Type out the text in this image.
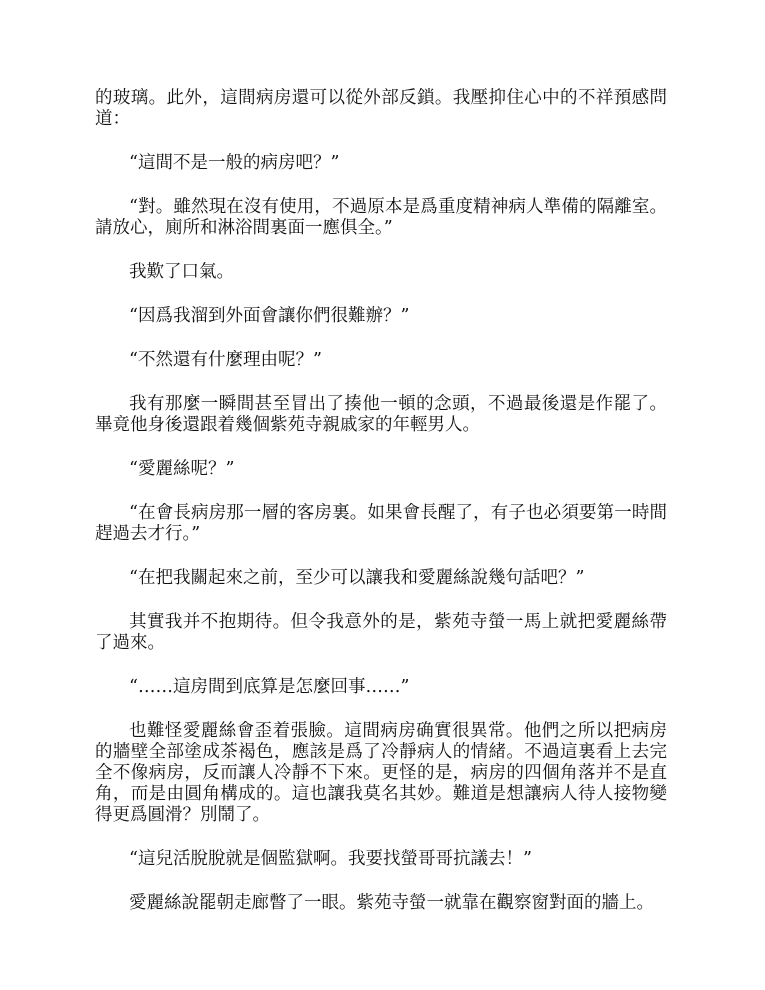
的玻璃。此外，這間病房還可以從外部反鎖。我壓抑住心中的不祥預感問道：

“這間不是一般的病房吧？”

“對。雖然現在沒有使用，不過原本是爲重度精神病人準備的隔離室。請放心，廁所和淋浴間裏面一應俱全。”

我歎了口氣。

“因爲我溜到外面會讓你們很難辦？”

“不然還有什麼理由呢？”

我有那麼一瞬間甚至冒出了揍他一頓的念頭，不過最後還是作罷了。畢竟他身後還跟着幾個紫苑寺親戚家的年輕男人。

“愛麗絲呢？”

“在會長病房那一層的客房裏。如果會長醒了，有子也必須要第一時間趕過去才行。”

“在把我關起來之前，至少可以讓我和愛麗絲說幾句話吧？”

其實我并不抱期待。但令我意外的是，紫苑寺螢一馬上就把愛麗絲帶了過來。

“……這房間到底算是怎麼回事……”

也難怪愛麗絲會歪着張臉。這間病房确實很異常。他們之所以把病房的牆壁全部塗成茶褐色，應該是爲了冷靜病人的情緒。不過這裏看上去完全不像病房，反而讓人冷靜不下來。更怪的是，病房的四個角落并不是直角，而是由圓角構成的。這也讓我莫名其妙。難道是想讓病人待人接物變得更爲圓滑？別鬧了。

“這兒活脫脫就是個監獄啊。我要找螢哥哥抗議去！”

愛麗絲說罷朝走廊瞥了一眼。紫苑寺螢一就靠在觀察窗對面的牆上。
